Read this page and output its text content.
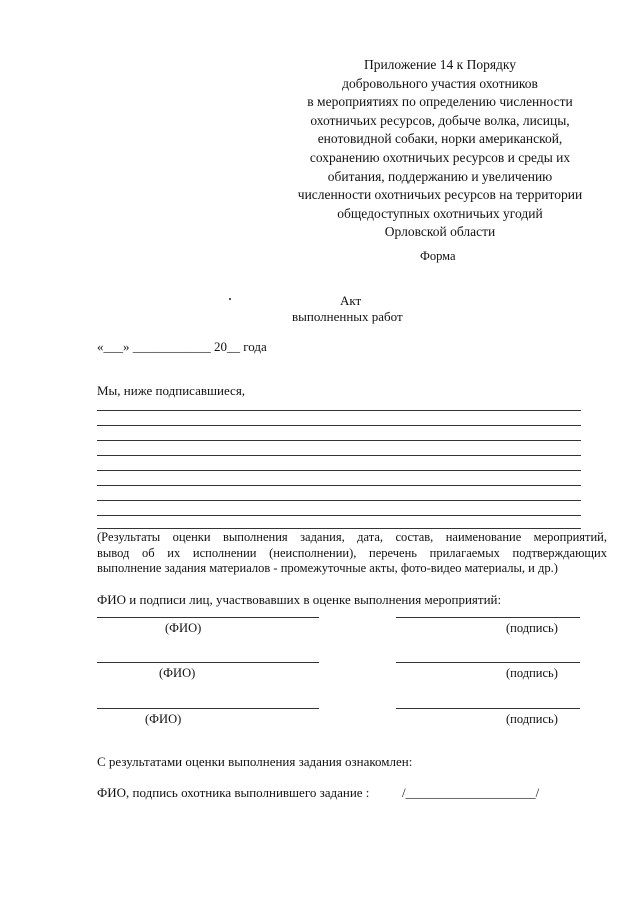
Приложение 14 к Порядку
добровольного участия охотников
в мероприятиях по определению численности
охотничьих ресурсов, добыче волка, лисицы,
енотовидной собаки, норки американской,
сохранению охотничьих ресурсов и среды их
обитания, поддержанию и увеличению
численности охотничьих ресурсов на территории
общедоступных охотничьих угодий
Орловской области
Форма
Акт
выполненных работ
«___» ____________ 20__ года
Мы, ниже подписавшиеся,
(Результаты оценки выполнения задания, дата, состав, наименование мероприятий,
вывод об их исполнении (неисполнении), перечень прилагаемых подтверждающих
выполнение задания материалов - промежуточные акты, фото-видео материалы, и др.)
ФИО и подписи лиц, участвовавших в оценке выполнения мероприятий:
(ФИО)	(подпись)
(ФИО)	(подпись)
(ФИО)	(подпись)
С результатами оценки выполнения задания ознакомлен:
ФИО, подпись охотника выполнившего задание :	/____________________/
